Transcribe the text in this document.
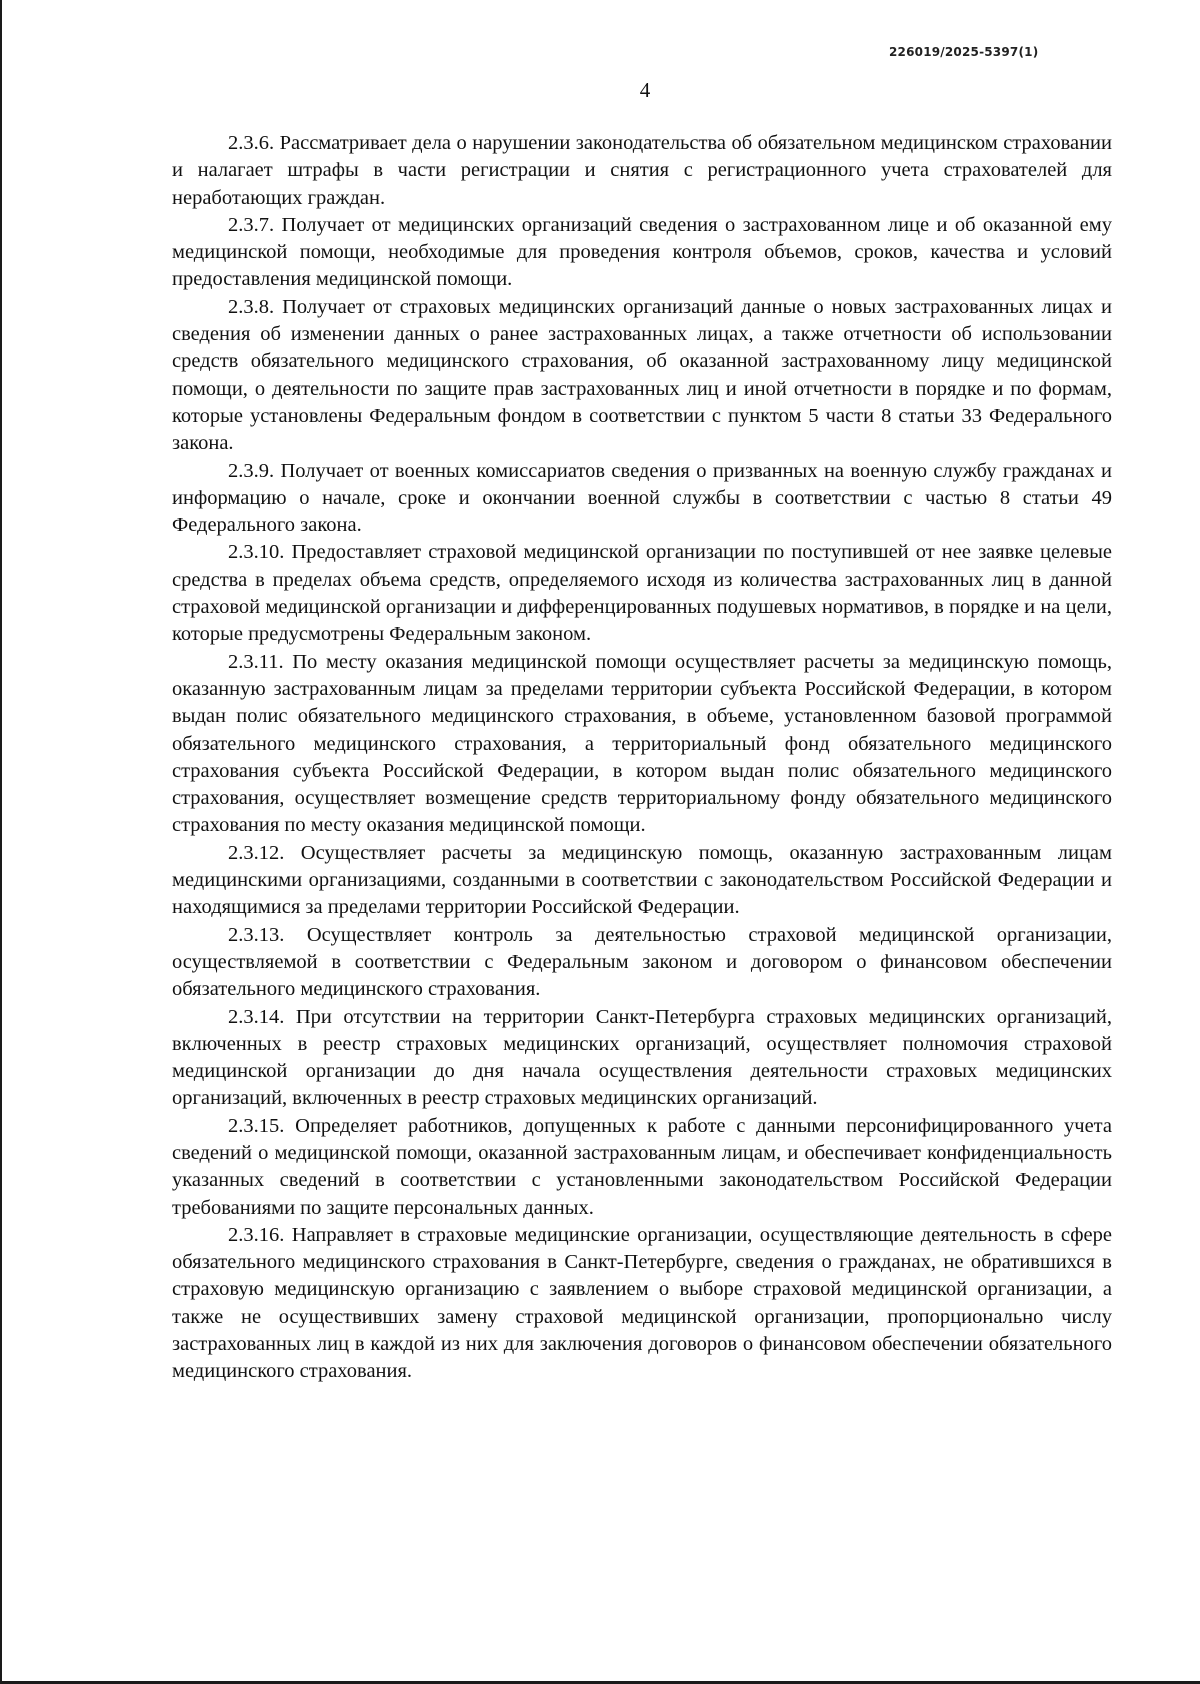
226019/2025-5397(1)
4

2.3.6. Рассматривает дела о нарушении законодательства об обязательном медицинском страховании и налагает штрафы в части регистрации и снятия с регистрационного учета страхователей для неработающих граждан.

2.3.7. Получает от медицинских организаций сведения о застрахованном лице и об оказанной ему медицинской помощи, необходимые для проведения контроля объемов, сроков, качества и условий предоставления медицинской помощи.

2.3.8. Получает от страховых медицинских организаций данные о новых застрахованных лицах и сведения об изменении данных о ранее застрахованных лицах, а также отчетности об использовании средств обязательного медицинского страхования, об оказанной застрахованному лицу медицинской помощи, о деятельности по защите прав застрахованных лиц и иной отчетности в порядке и по формам, которые установлены Федеральным фондом в соответствии с пунктом 5 части 8 статьи 33 Федерального закона.

2.3.9. Получает от военных комиссариатов сведения о призванных на военную службу гражданах и информацию о начале, сроке и окончании военной службы в соответствии с частью 8 статьи 49 Федерального закона.

2.3.10. Предоставляет страховой медицинской организации по поступившей от нее заявке целевые средства в пределах объема средств, определяемого исходя из количества застрахованных лиц в данной страховой медицинской организации и дифференцированных подушевых нормативов, в порядке и на цели, которые предусмотрены Федеральным законом.

2.3.11. По месту оказания медицинской помощи осуществляет расчеты за медицинскую помощь, оказанную застрахованным лицам за пределами территории субъекта Российской Федерации, в котором выдан полис обязательного медицинского страхования, в объеме, установленном базовой программой обязательного медицинского страхования, а территориальный фонд обязательного медицинского страхования субъекта Российской Федерации, в котором выдан полис обязательного медицинского страхования, осуществляет возмещение средств территориальному фонду обязательного медицинского страхования по месту оказания медицинской помощи.

2.3.12. Осуществляет расчеты за медицинскую помощь, оказанную застрахованным лицам медицинскими организациями, созданными в соответствии с законодательством Российской Федерации и находящимися за пределами территории Российской Федерации.

2.3.13. Осуществляет контроль за деятельностью страховой медицинской организации, осуществляемой в соответствии с Федеральным законом и договором о финансовом обеспечении обязательного медицинского страхования.

2.3.14. При отсутствии на территории Санкт-Петербурга страховых медицинских организаций, включенных в реестр страховых медицинских организаций, осуществляет полномочия страховой медицинской организации до дня начала осуществления деятельности страховых медицинских организаций, включенных в реестр страховых медицинских организаций.

2.3.15. Определяет работников, допущенных к работе с данными персонифицированного учета сведений о медицинской помощи, оказанной застрахованным лицам, и обеспечивает конфиденциальность указанных сведений в соответствии с установленными законодательством Российской Федерации требованиями по защите персональных данных.

2.3.16. Направляет в страховые медицинские организации, осуществляющие деятельность в сфере обязательного медицинского страхования в Санкт-Петербурге, сведения о гражданах, не обратившихся в страховую медицинскую организацию с заявлением о выборе страховой медицинской организации, а также не осуществивших замену страховой медицинской организации, пропорционально числу застрахованных лиц в каждой из них для заключения договоров о финансовом обеспечении обязательного медицинского страхования.
